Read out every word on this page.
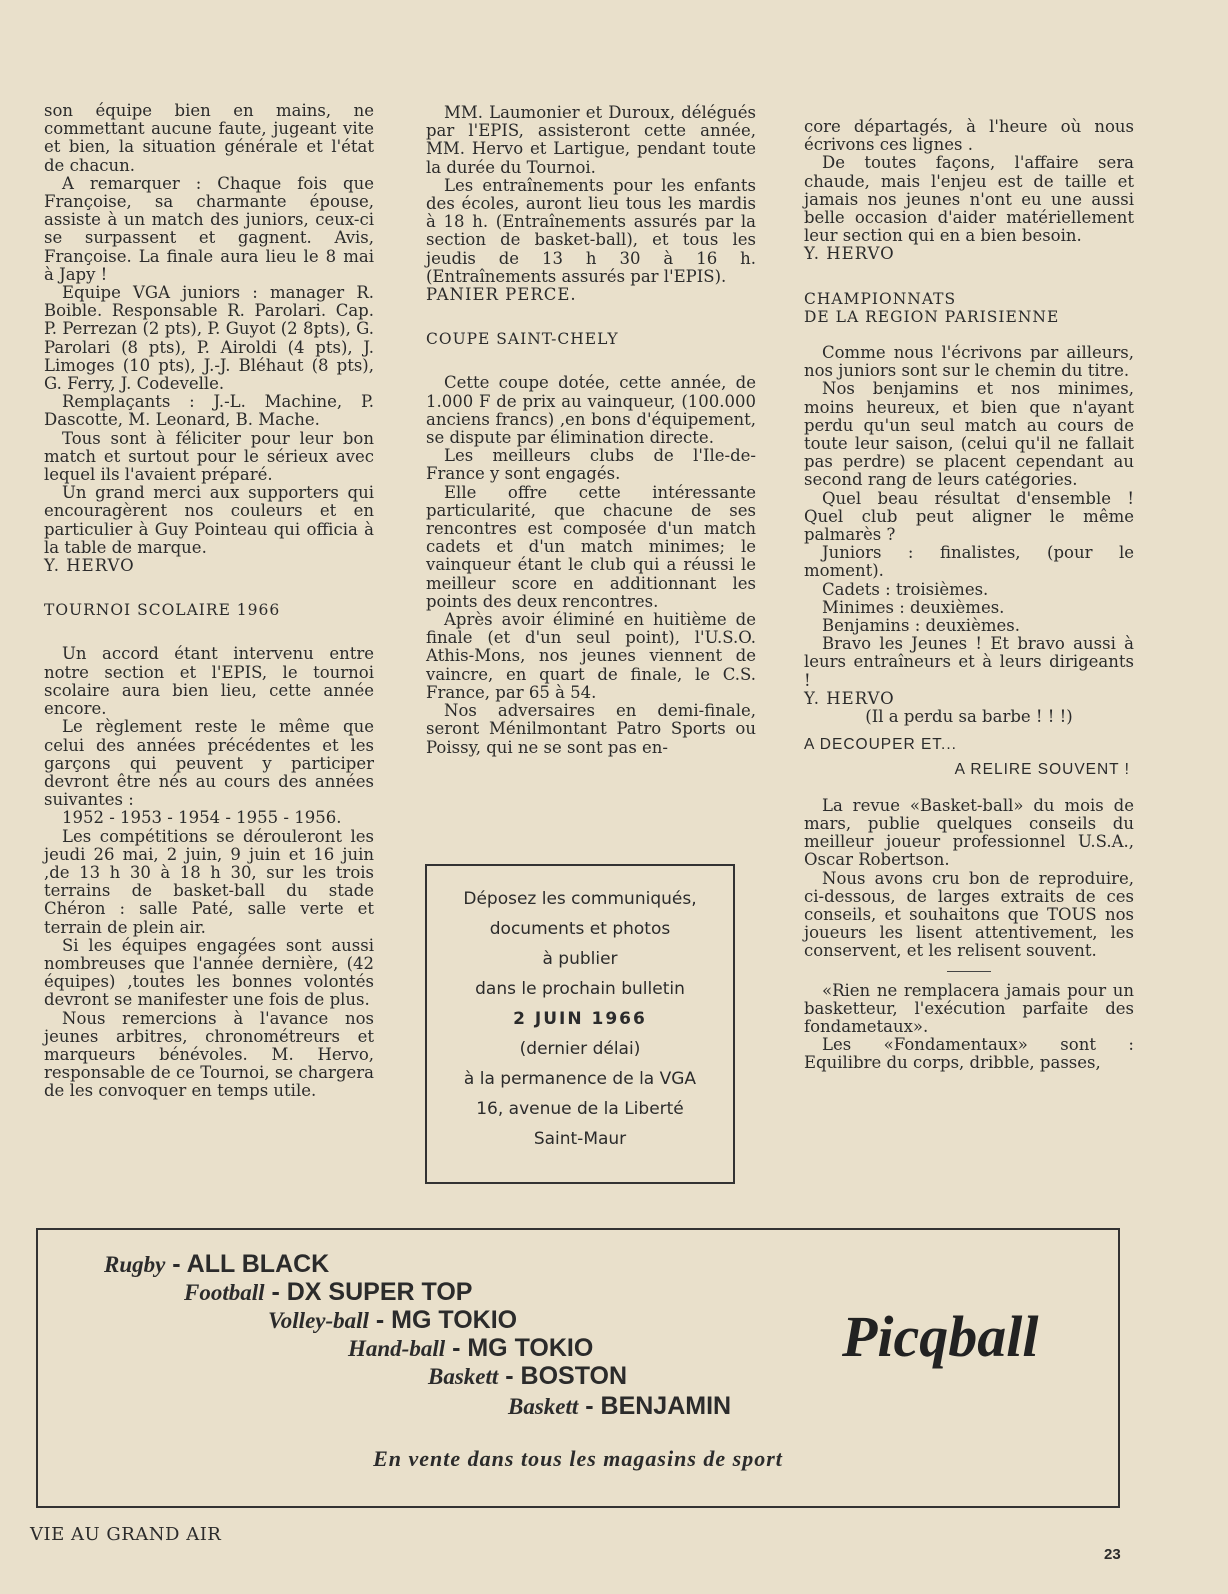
son équipe bien en mains, ne commettant aucune faute, jugeant vite et bien, la situation générale et l'état de chacun.

A remarquer : Chaque fois que Françoise, sa charmante épouse, assiste à un match des juniors, ceux-ci se surpassent et gagnent. Avis, Françoise. La finale aura lieu le 8 mai à Japy !

Equipe VGA juniors : manager R. Boible. Responsable R. Parolari. Cap. P. Perrezan (2 pts), P. Guyot (2 8pts), G. Parolari (8 pts), P. Airoldi (4 pts), J. Limoges (10 pts), J.-J. Bléhaut (8 pts), G. Ferry, J. Codevelle.

Remplaçants : J.-L. Machine, P. Dascotte, M. Leonard, B. Mache.

Tous sont à féliciter pour leur bon match et surtout pour le sérieux avec lequel ils l'avaient préparé.

Un grand merci aux supporters qui encouragèrent nos couleurs et en particulier à Guy Pointeau qui officia à la table de marque.

Y. HERVO

TOURNOI SCOLAIRE 1966

Un accord étant intervenu entre notre section et l'EPIS, le tournoi scolaire aura bien lieu, cette année encore.

Le règlement reste le même que celui des années précédentes et les garçons qui peuvent y participer devront être nés au cours des années suivantes :

1952 - 1953 - 1954 - 1955 - 1956.

Les compétitions se dérouleront les jeudi 26 mai, 2 juin, 9 juin et 16 juin ,de 13 h 30 à 18 h 30, sur les trois terrains de basket-ball du stade Chéron : salle Paté, salle verte et terrain de plein air.

Si les équipes engagées sont aussi nombreuses que l'année dernière, (42 équipes) ,toutes les bonnes volontés devront se manifester une fois de plus.

Nous remercions à l'avance nos jeunes arbitres, chronométreurs et marqueurs bénévoles. M. Hervo, responsable de ce Tournoi, se chargera de les convoquer en temps utile.

MM. Laumonier et Duroux, délégués par l'EPIS, assisteront cette année, MM. Hervo et Lartigue, pendant toute la durée du Tournoi.

Les entraînements pour les enfants des écoles, auront lieu tous les mardis à 18 h. (Entraînements assurés par la section de basket-ball), et tous les jeudis de 13 h 30 à 16 h. (Entraînements assurés par l'EPIS).

PANIER PERCE.

COUPE SAINT-CHELY

Cette coupe dotée, cette année, de 1.000 F de prix au vainqueur, (100.000 anciens francs) ,en bons d'équipement, se dispute par élimination directe.

Les meilleurs clubs de l'Ile-de-France y sont engagés.

Elle offre cette intéressante particularité, que chacune de ses rencontres est composée d'un match cadets et d'un match minimes; le vainqueur étant le club qui a réussi le meilleur score en additionnant les points des deux rencontres.

Après avoir éliminé en huitième de finale (et d'un seul point), l'U.S.O. Athis-Mons, nos jeunes viennent de vaincre, en quart de finale, le C.S. France, par 65 à 54.

Nos adversaires en demi-finale, seront Ménilmontant Patro Sports ou Poissy, qui ne se sont pas en-

Déposez les communiqués,
documents et photos
à publier
dans le prochain bulletin
2 JUIN 1966
(dernier délai)
à la permanence de la VGA
16, avenue de la Liberté
Saint-Maur

core départagés, à l'heure où nous écrivons ces lignes .

De toutes façons, l'affaire sera chaude, mais l'enjeu est de taille et jamais nos jeunes n'ont eu une aussi belle occasion d'aider matériellement leur section qui en a bien besoin.

Y. HERVO

CHAMPIONNATS

DE LA REGION PARISIENNE

Comme nous l'écrivons par ailleurs, nos juniors sont sur le chemin du titre.

Nos benjamins et nos minimes, moins heureux, et bien que n'ayant perdu qu'un seul match au cours de toute leur saison, (celui qu'il ne fallait pas perdre) se placent cependant au second rang de leurs catégories.

Quel beau résultat d'ensemble ! Quel club peut aligner le même palmarès ?

Juniors : finalistes, (pour le moment).

Cadets : troisièmes.

Minimes : deuxièmes.

Benjamins : deuxièmes.

Bravo les Jeunes ! Et bravo aussi à leurs entraîneurs et à leurs dirigeants !

Y. HERVO

(Il a perdu sa barbe ! ! !)

A DECOUPER ET...

A RELIRE SOUVENT !

La revue «Basket-ball» du mois de mars, publie quelques conseils du meilleur joueur professionnel U.S.A., Oscar Robertson.

Nous avons cru bon de reproduire, ci-dessous, de larges extraits de ces conseils, et souhaitons que TOUS nos joueurs les lisent attentivement, les conservent, et les relisent souvent.

«Rien ne remplacera jamais pour un basketteur, l'exécution parfaite des fondametaux».

Les «Fondamentaux» sont : Equilibre du corps, dribble, passes,

Rugby - ALL BLACK
Football - DX SUPER TOP
Volley-ball - MG TOKIO
Hand-ball - MG TOKIO
Baskett - BOSTON
Baskett - BENJAMIN
Picqball
En vente dans tous les magasins de sport
VIE AU GRAND AIR
23
